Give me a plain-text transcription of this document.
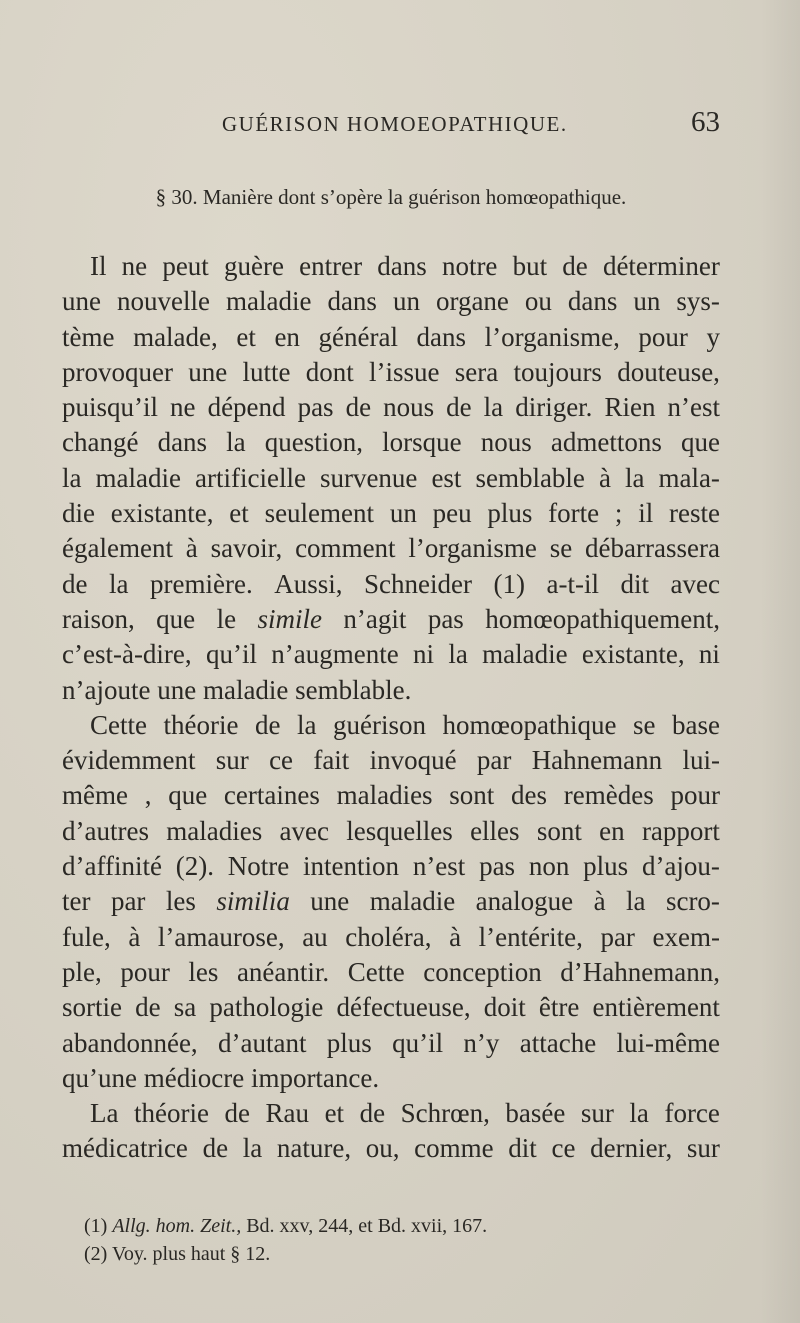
GUÉRISON HOMOEOPATHIQUE.	63
§ 30. Manière dont s’opère la guérison homœopathique.
Il ne peut guère entrer dans notre but de déterminer
une nouvelle maladie dans un organe ou dans un sys-
tème malade, et en général dans l’organisme, pour y
provoquer une lutte dont l’issue sera toujours douteuse,
puisqu’il ne dépend pas de nous de la diriger. Rien n’est
changé dans la question, lorsque nous admettons que
la maladie artificielle survenue est semblable à la mala-
die existante, et seulement un peu plus forte ; il reste
également à savoir, comment l’organisme se débarrassera
de la première. Aussi, Schneider (1) a-t-il dit avec
raison, que le simile n’agit pas homœopathiquement,
c’est-à-dire, qu’il n’augmente ni la maladie existante, ni
n’ajoute
une
maladie
semblable.
Cette théorie de la guérison homœopathique se base
évidemment sur ce fait invoqué par Hahnemann lui-
même , que certaines maladies sont des remèdes pour
d’autres maladies avec lesquelles elles sont en rapport
d’affinité (2). Notre intention n’est pas non plus d’ajou-
ter par les similia une maladie analogue à la scro-
fule, à l’amaurose, au choléra, à l’entérite, par exem-
ple, pour les anéantir. Cette conception d’Hahnemann,
sortie de sa pathologie défectueuse, doit être entièrement
abandonnée, d’autant plus qu’il n’y attache lui-même
qu’une
médiocre
importance.
La théorie de Rau et de Schrœn, basée sur la force
médicatrice de la nature, ou, comme dit ce dernier, sur
(1) Allg. hom. Zeit., Bd. xxv, 244, et Bd. xvii, 167.
(2) Voy. plus haut § 12.
